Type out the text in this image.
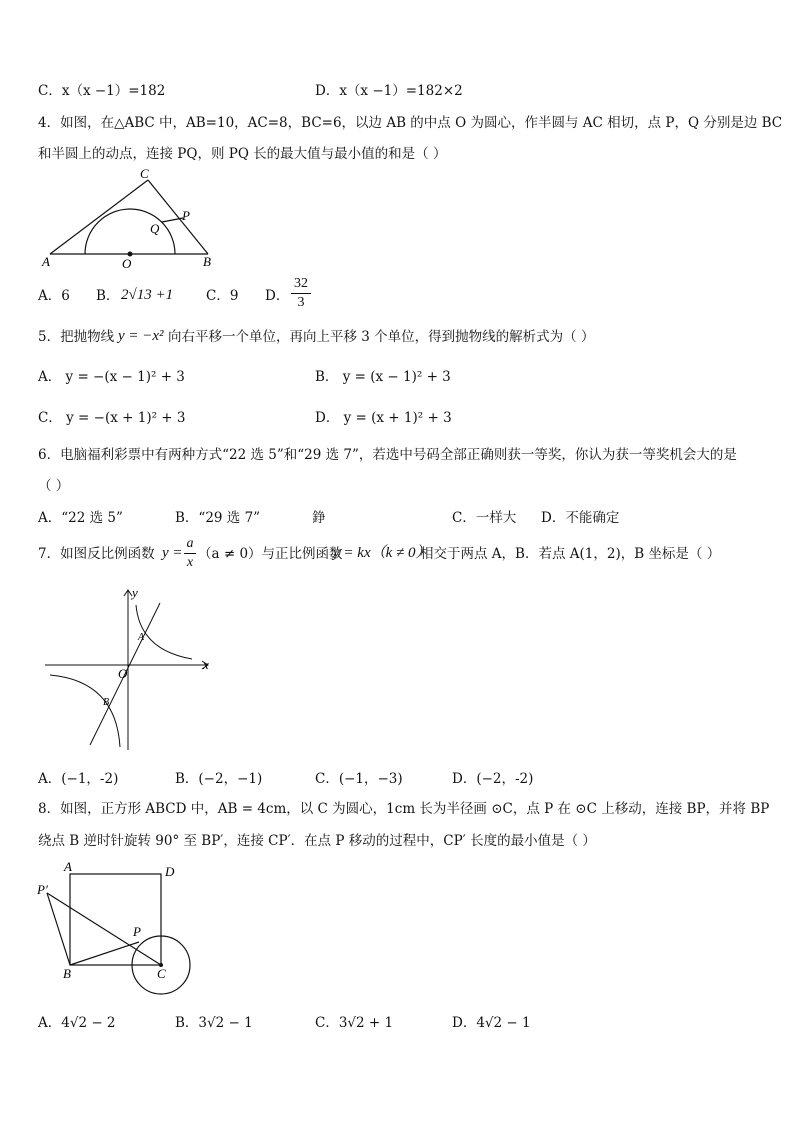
C．x（x −1）=182	D．x（x −1）=182×2
4．如图，在△ABC 中，AB=10，AC=8，BC=6，以边 AB 的中点 O 为圆心，作半圆与 AC 相切，点 P，Q 分别是边 BC
和半圆上的动点，连接 PQ，则 PQ 长的最大值与最小值的和是（ ）
A	B
C
O
P
Q
A．6 B． 2√13 +1 C．9 D．
32
3
5．把抛物线 y = −x² 向右平移一个单位，再向上平移 3 个单位，得到抛物线的解析式为（ ）
A． y = −(x − 1)² + 3	B． y = (x − 1)² + 3
C． y = −(x + 1)² + 3	D． y = (x + 1)² + 3
6．电脑福利彩票中有两种方式“22 选 5”和“29 选 7”，若选中号码全部正确则获一等奖，你认为获一等奖机会大的是
（ ）
A．“22 选 5”	B．“29 选 7”	錚	C．一样大 D．不能确定
7．如图反比例函数 y =
a
x
（a ≠ 0）与正比例函数
y = kx（k ≠ 0）
相交于两点 A，B．若点 A(1，2)，B 坐标是（ ）
y
x
O
A
B
A．(−1，-2)	B．(−2，−1)	C．(−1，−3)	D．(−2，-2)
8．如图，正方形 ABCD 中，AB = 4cm，以 C 为圆心，1cm 长为半径画 ⊙C，点 P 在 ⊙C 上移动，连接 BP，并将 BP
绕点 B 逆时针旋转 90° 至 BP′，连接 CP′．在点 P 移动的过程中，CP′ 长度的最小值是（ ）
A	D
B	C
P
P′
A．4√2 − 2	B．3√2 − 1	C．3√2 + 1	D．4√2 − 1
